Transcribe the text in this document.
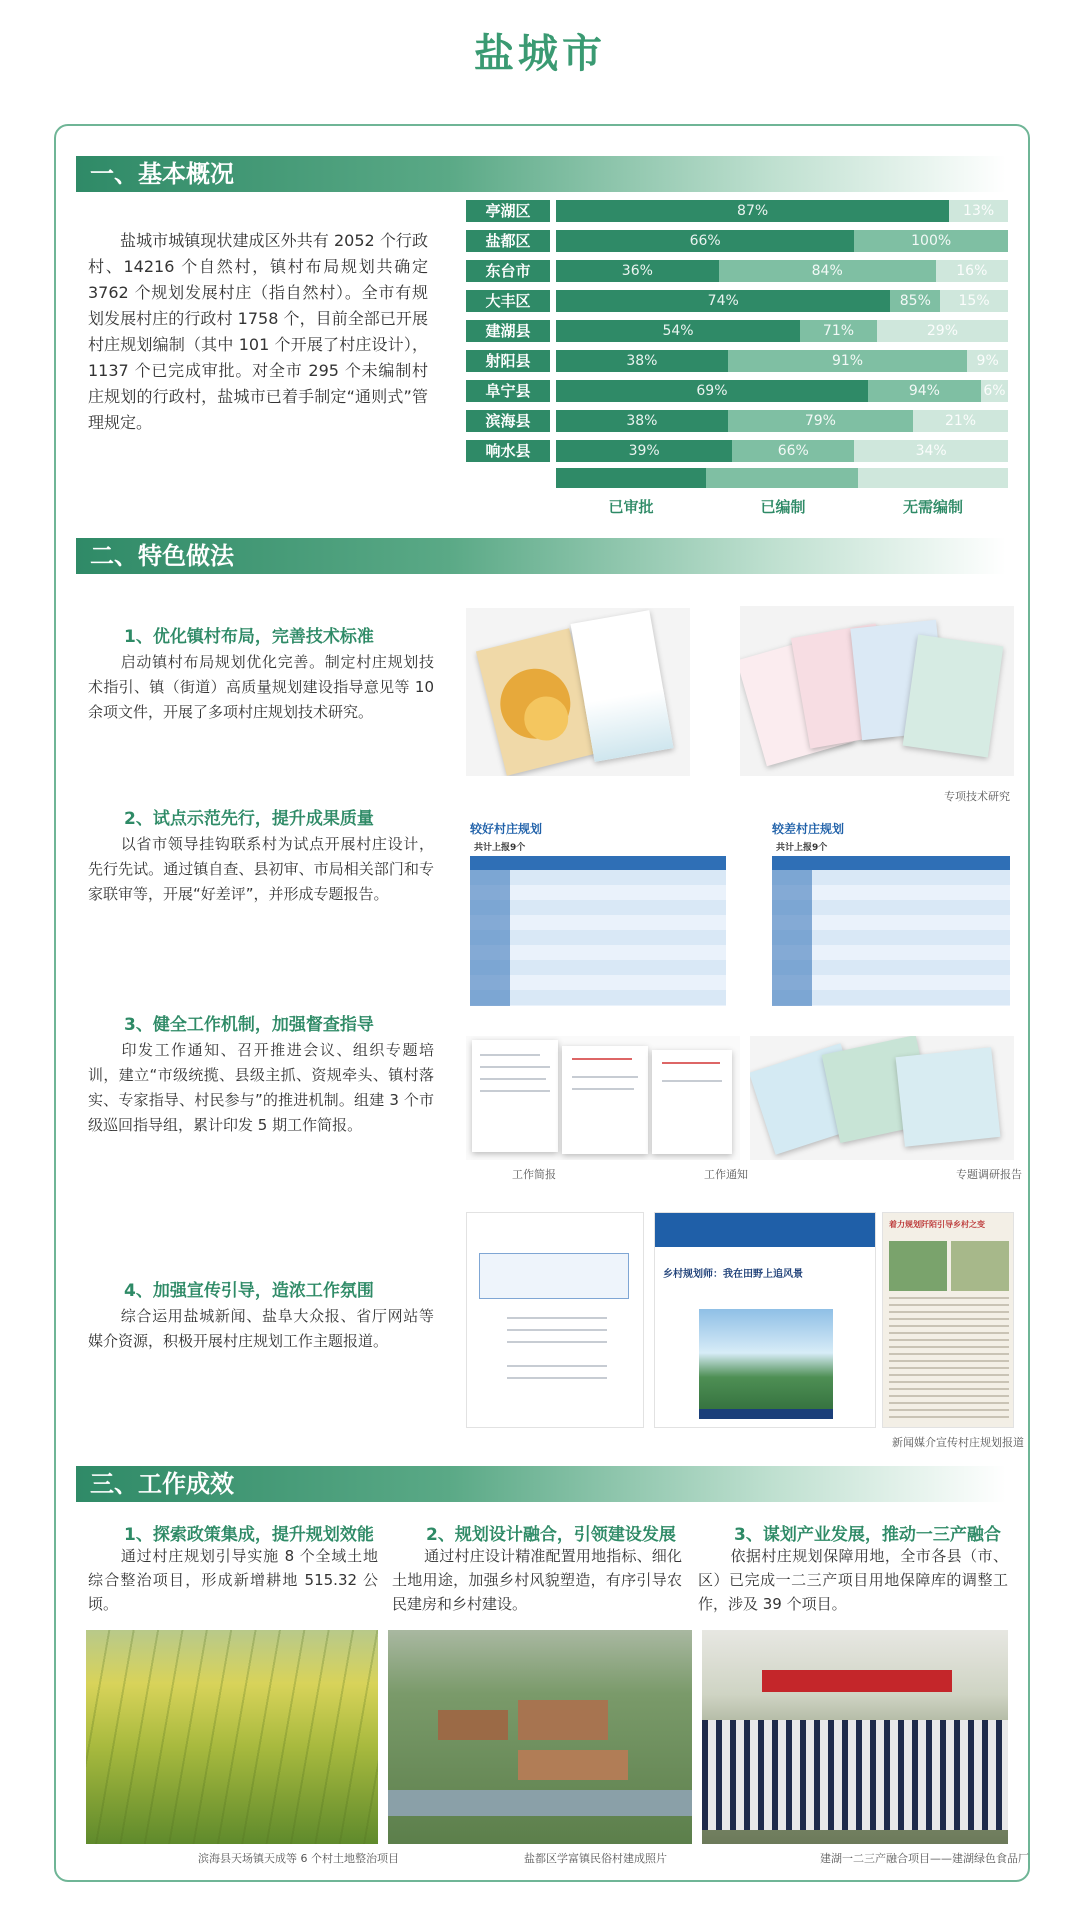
盐城市
一、基本概况
盐城市城镇现状建成区外共有 2052 个行政村、14216 个自然村，镇村布局规划共确定 3762 个规划发展村庄（指自然村）。全市有规划发展村庄的行政村 1758 个，目前全部已开展村庄规划编制（其中 101 个开展了村庄设计），1137 个已完成审批。对全市 295 个未编制村庄规划的行政村，盐城市已着手制定“通则式”管理规定。
亭湖区	87%	13%
盐都区	66%	100%
东台市	36%	84%	16%
大丰区	74%	85%	15%
建湖县	54%	71%	29%
射阳县	38%	91%	9%
阜宁县	69%	94%	6%
滨海县	38%	79%	21%
响水县	39%	66%	34%
已审批	已编制	无需编制
二、特色做法
1、优化镇村布局，完善技术标准
启动镇村布局规划优化完善。制定村庄规划技术指引、镇（街道）高质量规划建设指导意见等 10 余项文件，开展了多项村庄规划技术研究。
专项技术研究
2、试点示范先行，提升成果质量
以省市领导挂钩联系村为试点开展村庄设计，先行先试。通过镇自查、县初审、市局相关部门和专家联审等，开展“好差评”，并形成专题报告。
较好村庄规划
共计上报9个
较差村庄规划
共计上报9个
3、健全工作机制，加强督查指导
印发工作通知、召开推进会议、组织专题培训，建立“市级统揽、县级主抓、资规牵头、镇村落实、专家指导、村民参与”的推进机制。组建 3 个市级巡回指导组，累计印发 5 期工作简报。
工作简报	工作通知	专题调研报告
4、加强宣传引导，造浓工作氛围
综合运用盐城新闻、盐阜大众报、省厅网站等媒介资源，积极开展村庄规划工作主题报道。
乡村规划师：我在田野上追风景
着力规划阡陌引导乡村之变
新闻媒介宣传村庄规划报道
三、工作成效
1、探索政策集成，提升规划效能
通过村庄规划引导实施 8 个全域土地综合整治项目，形成新增耕地 515.32 公顷。
2、规划设计融合，引领建设发展
通过村庄设计精准配置用地指标、细化土地用途，加强乡村风貌塑造，有序引导农民建房和乡村建设。
3、谋划产业发展，推动一三产融合
依据村庄规划保障用地，全市各县（市、区）已完成一二三产项目用地保障库的调整工作，涉及 39 个项目。
滨海县天场镇天成等 6 个村土地整治项目	盐都区学富镇民俗村建成照片	建湖一二三产融合项目——建湖绿色食品厂
